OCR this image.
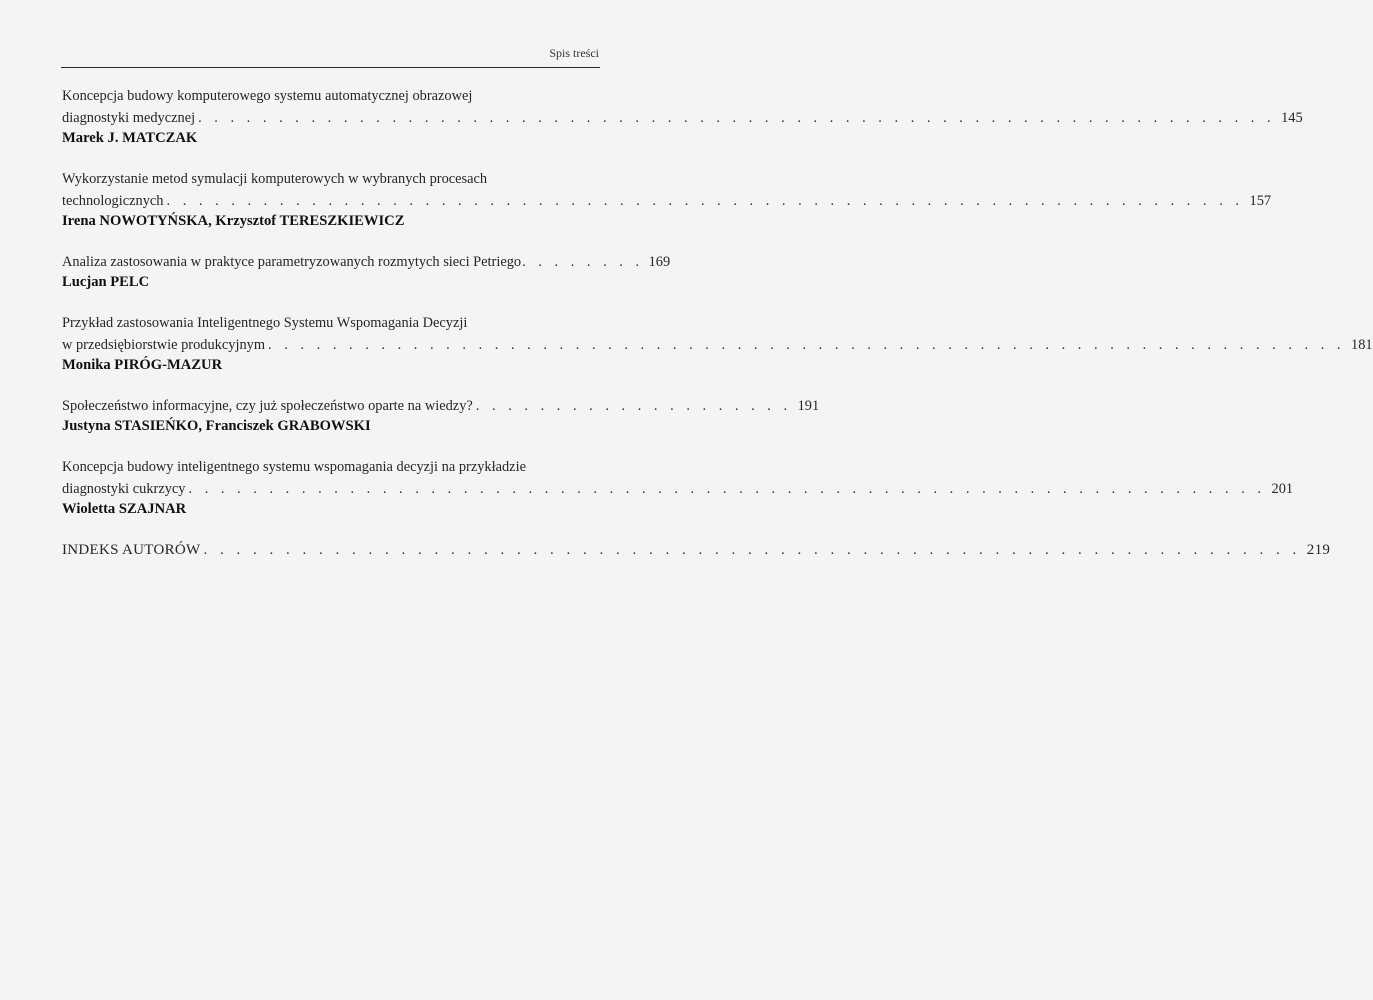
Spis treści
Koncepcja budowy komputerowego systemu automatycznej obrazowej
diagnostyki medycznej . . . . . . . . . . . . . . . . . . . . . . . . . . . . . . . . . . . . . . . . . . . . . . . . . . . . . . . . . . . . . . . . . . . 145
Marek J. MATCZAK
Wykorzystanie metod symulacji komputerowych w wybranych procesach
technologicznych . . . . . . . . . . . . . . . . . . . . . . . . . . . . . . . . . . . . . . . . . . . . . . . . . . . . . . . . . . . . . . . . . . . 157
Irena NOWOTYŃSKA, Krzysztof TERESZKIEWICZ
Analiza zastosowania w praktyce parametryzowanych rozmytych sieci Petriego . . . . . . . . 169
Lucjan PELC
Przykład zastosowania Inteligentnego Systemu Wspomagania Decyzji
w przedsiębiorstwie produkcyjnym . . . . . . . . . . . . . . . . . . . . . . . . . . . . . . . . . . . . . . . . . . . . . . . . . . . . . . . . . . . . . . . . . . . 181
Monika PIRÓG-MAZUR
Społeczeństwo informacyjne, czy już społeczeństwo oparte na wiedzy? . . . . . . . . . . . . . . . . . . . . 191
Justyna STASIEŃKO, Franciszek GRABOWSKI
Koncepcja budowy inteligentnego systemu wspomagania decyzji na przykładzie
diagnostyki cukrzycy . . . . . . . . . . . . . . . . . . . . . . . . . . . . . . . . . . . . . . . . . . . . . . . . . . . . . . . . . . . . . . . . . . . 201
Wioletta SZAJNAR
INDEKS AUTORÓW . . . . . . . . . . . . . . . . . . . . . . . . . . . . . . . . . . . . . . . . . . . . . . . . . . . . . . . . . . . . . . . . . . . 219
